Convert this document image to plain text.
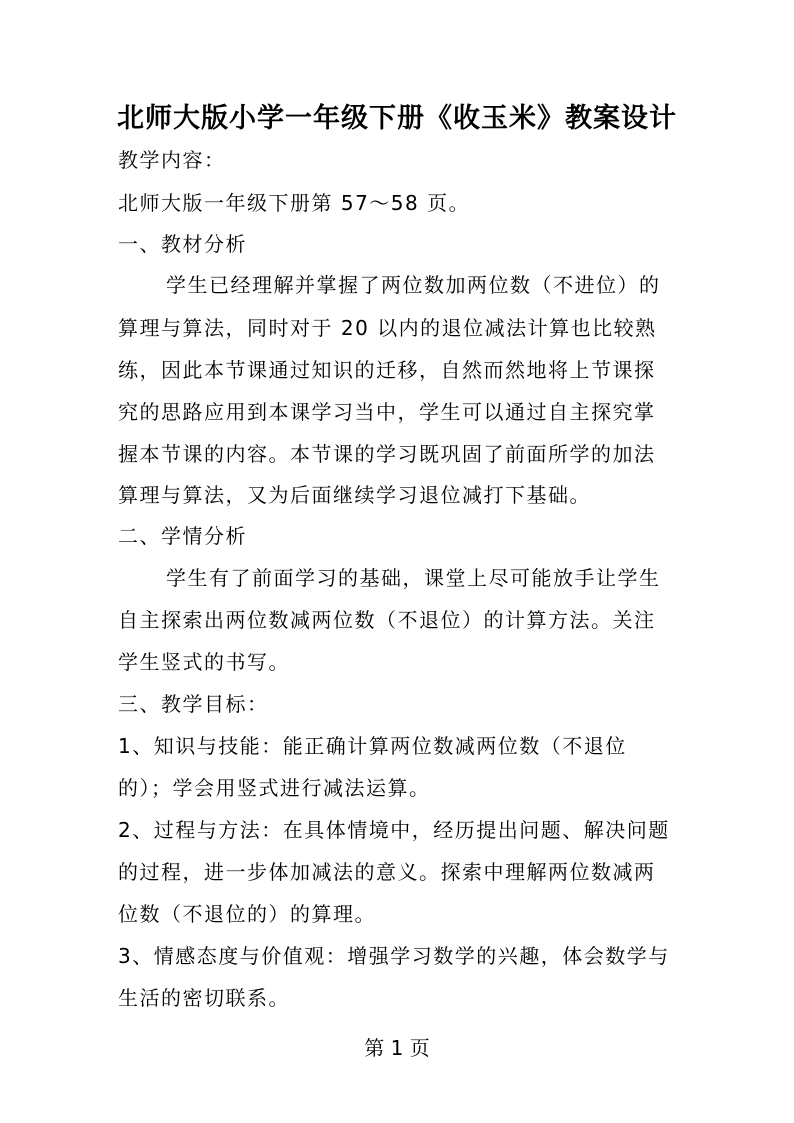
北师大版小学一年级下册《收玉米》教案设计
教学内容：
北师大版一年级下册第 57～58 页。
一、教材分析
学生已经理解并掌握了两位数加两位数（不进位）的
算理与算法，同时对于 20 以内的退位减法计算也比较熟
练，因此本节课通过知识的迁移，自然而然地将上节课探
究的思路应用到本课学习当中，学生可以通过自主探究掌
握本节课的内容。本节课的学习既巩固了前面所学的加法
算理与算法，又为后面继续学习退位减打下基础。
二、学情分析
学生有了前面学习的基础，课堂上尽可能放手让学生
自主探索出两位数减两位数（不退位）的计算方法。关注
学生竖式的书写。
三、教学目标：
1、知识与技能：能正确计算两位数减两位数（不退位
的）；学会用竖式进行减法运算。
2、过程与方法：在具体情境中，经历提出问题、解决问题
的过程，进一步体加减法的意义。探索中理解两位数减两
位数（不退位的）的算理。
3、情感态度与价值观：增强学习数学的兴趣，体会数学与
生活的密切联系。
第 1 页
